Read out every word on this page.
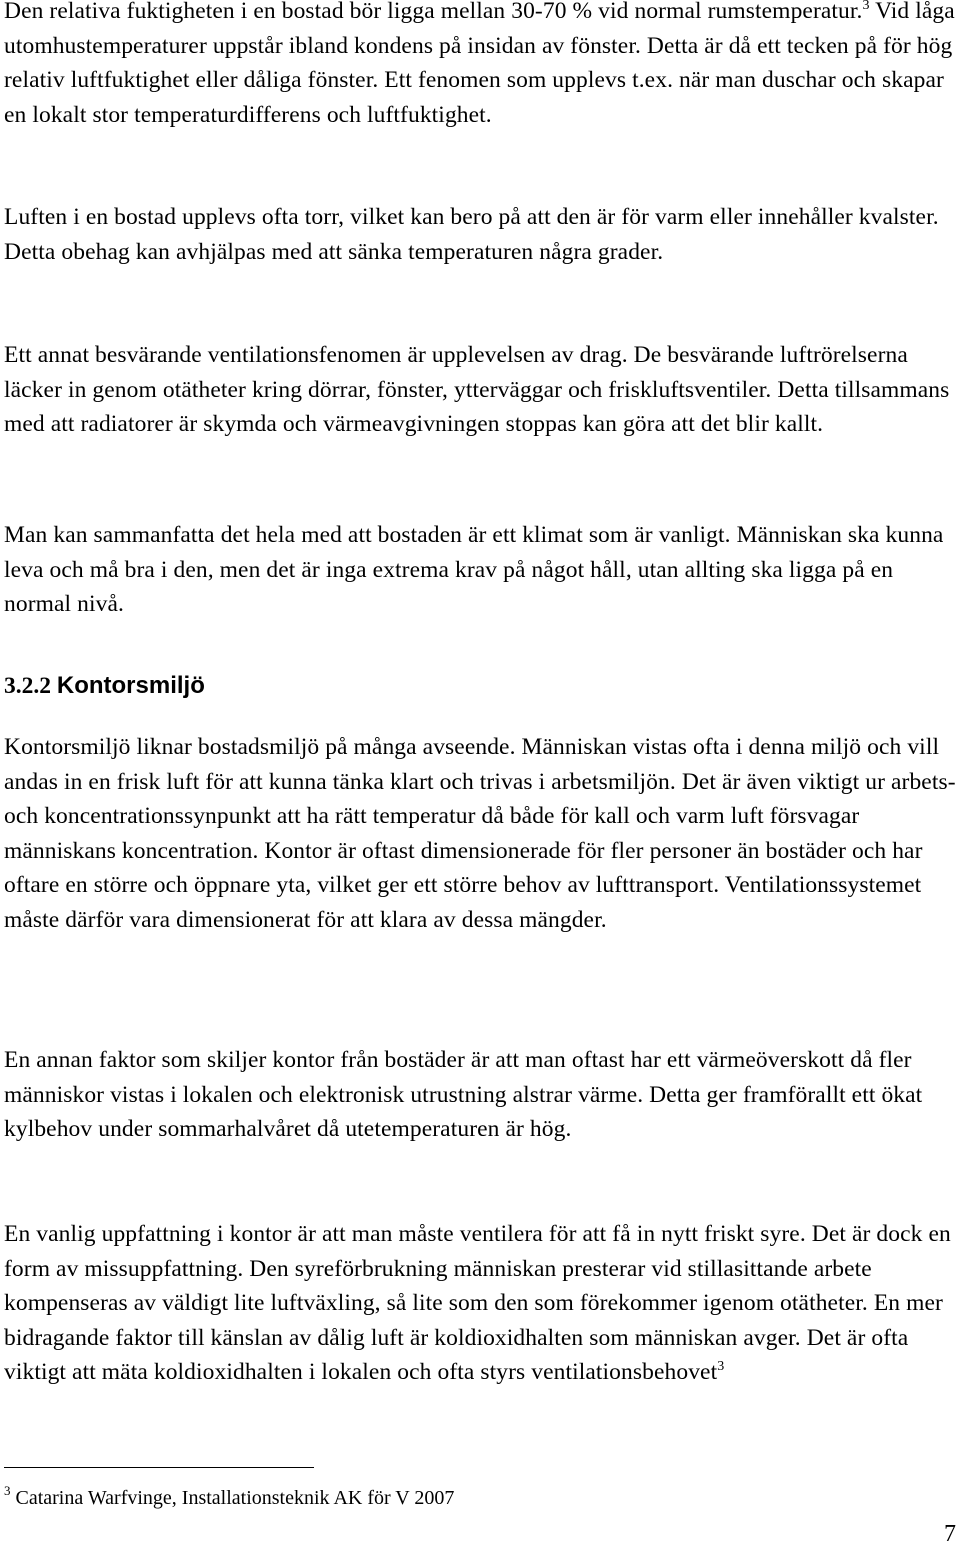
Den relativa fuktigheten i en bostad bör ligga mellan 30-70 % vid normal rumstemperatur.$^3$ Vid låga utomhustemperaturer uppstår ibland kondens på insidan av fönster. Detta är då ett tecken på för hög relativ luftfuktighet eller dåliga fönster. Ett fenomen som upplevs t.ex. när man duschar och skapar en lokalt stor temperaturdifferens och luftfuktighet.

Luften i en bostad upplevs ofta torr, vilket kan bero på att den är för varm eller innehåller kvalster. Detta obehag kan avhjälpas med att sänka temperaturen några grader.

Ett annat besvärande ventilationsfenomen är upplevelsen av drag. De besvärande luftrörelserna läcker in genom otätheter kring dörrar, fönster, ytterväggar och friskluftsventiler. Detta tillsammans med att radiatorer är skymda och värmeavgivningen stoppas kan göra att det blir kallt.

Man kan sammanfatta det hela med att bostaden är ett klimat som är vanligt. Människan ska kunna leva och må bra i den, men det är inga extrema krav på något håll, utan allting ska ligga på en normal nivå.

3.2.2 Kontorsmiljö

Kontorsmiljö liknar bostadsmiljö på många avseende. Människan vistas ofta i denna miljö och vill andas in en frisk luft för att kunna tänka klart och trivas i arbetsmiljön. Det är även viktigt ur arbets- och koncentrationssynpunkt att ha rätt temperatur då både för kall och varm luft försvagar människans koncentration. Kontor är oftast dimensionerade för fler personer än bostäder och har oftare en större och öppnare yta, vilket ger ett större behov av lufttransport. Ventilationssystemet måste därför vara dimensionerat för att klara av dessa mängder.

En annan faktor som skiljer kontor från bostäder är att man oftast har ett värmeöverskott då fler människor vistas i lokalen och elektronisk utrustning alstrar värme. Detta ger framförallt ett ökat kylbehov under sommarhalvåret då utetemperaturen är hög.

En vanlig uppfattning i kontor är att man måste ventilera för att få in nytt friskt syre. Det är dock en form av missuppfattning. Den syreförbrukning människan presterar vid stillasittande arbete kompenseras av väldigt lite luftväxling, så lite som den som förekommer igenom otätheter. En mer bidragande faktor till känslan av dålig luft är koldioxidhalten som människan avger. Det är ofta viktigt att mäta koldioxidhalten i lokalen och ofta styrs ventilationsbehovet$^3$

$^3$ Catarina Warfvinge, Installationsteknik AK för V 2007

7
